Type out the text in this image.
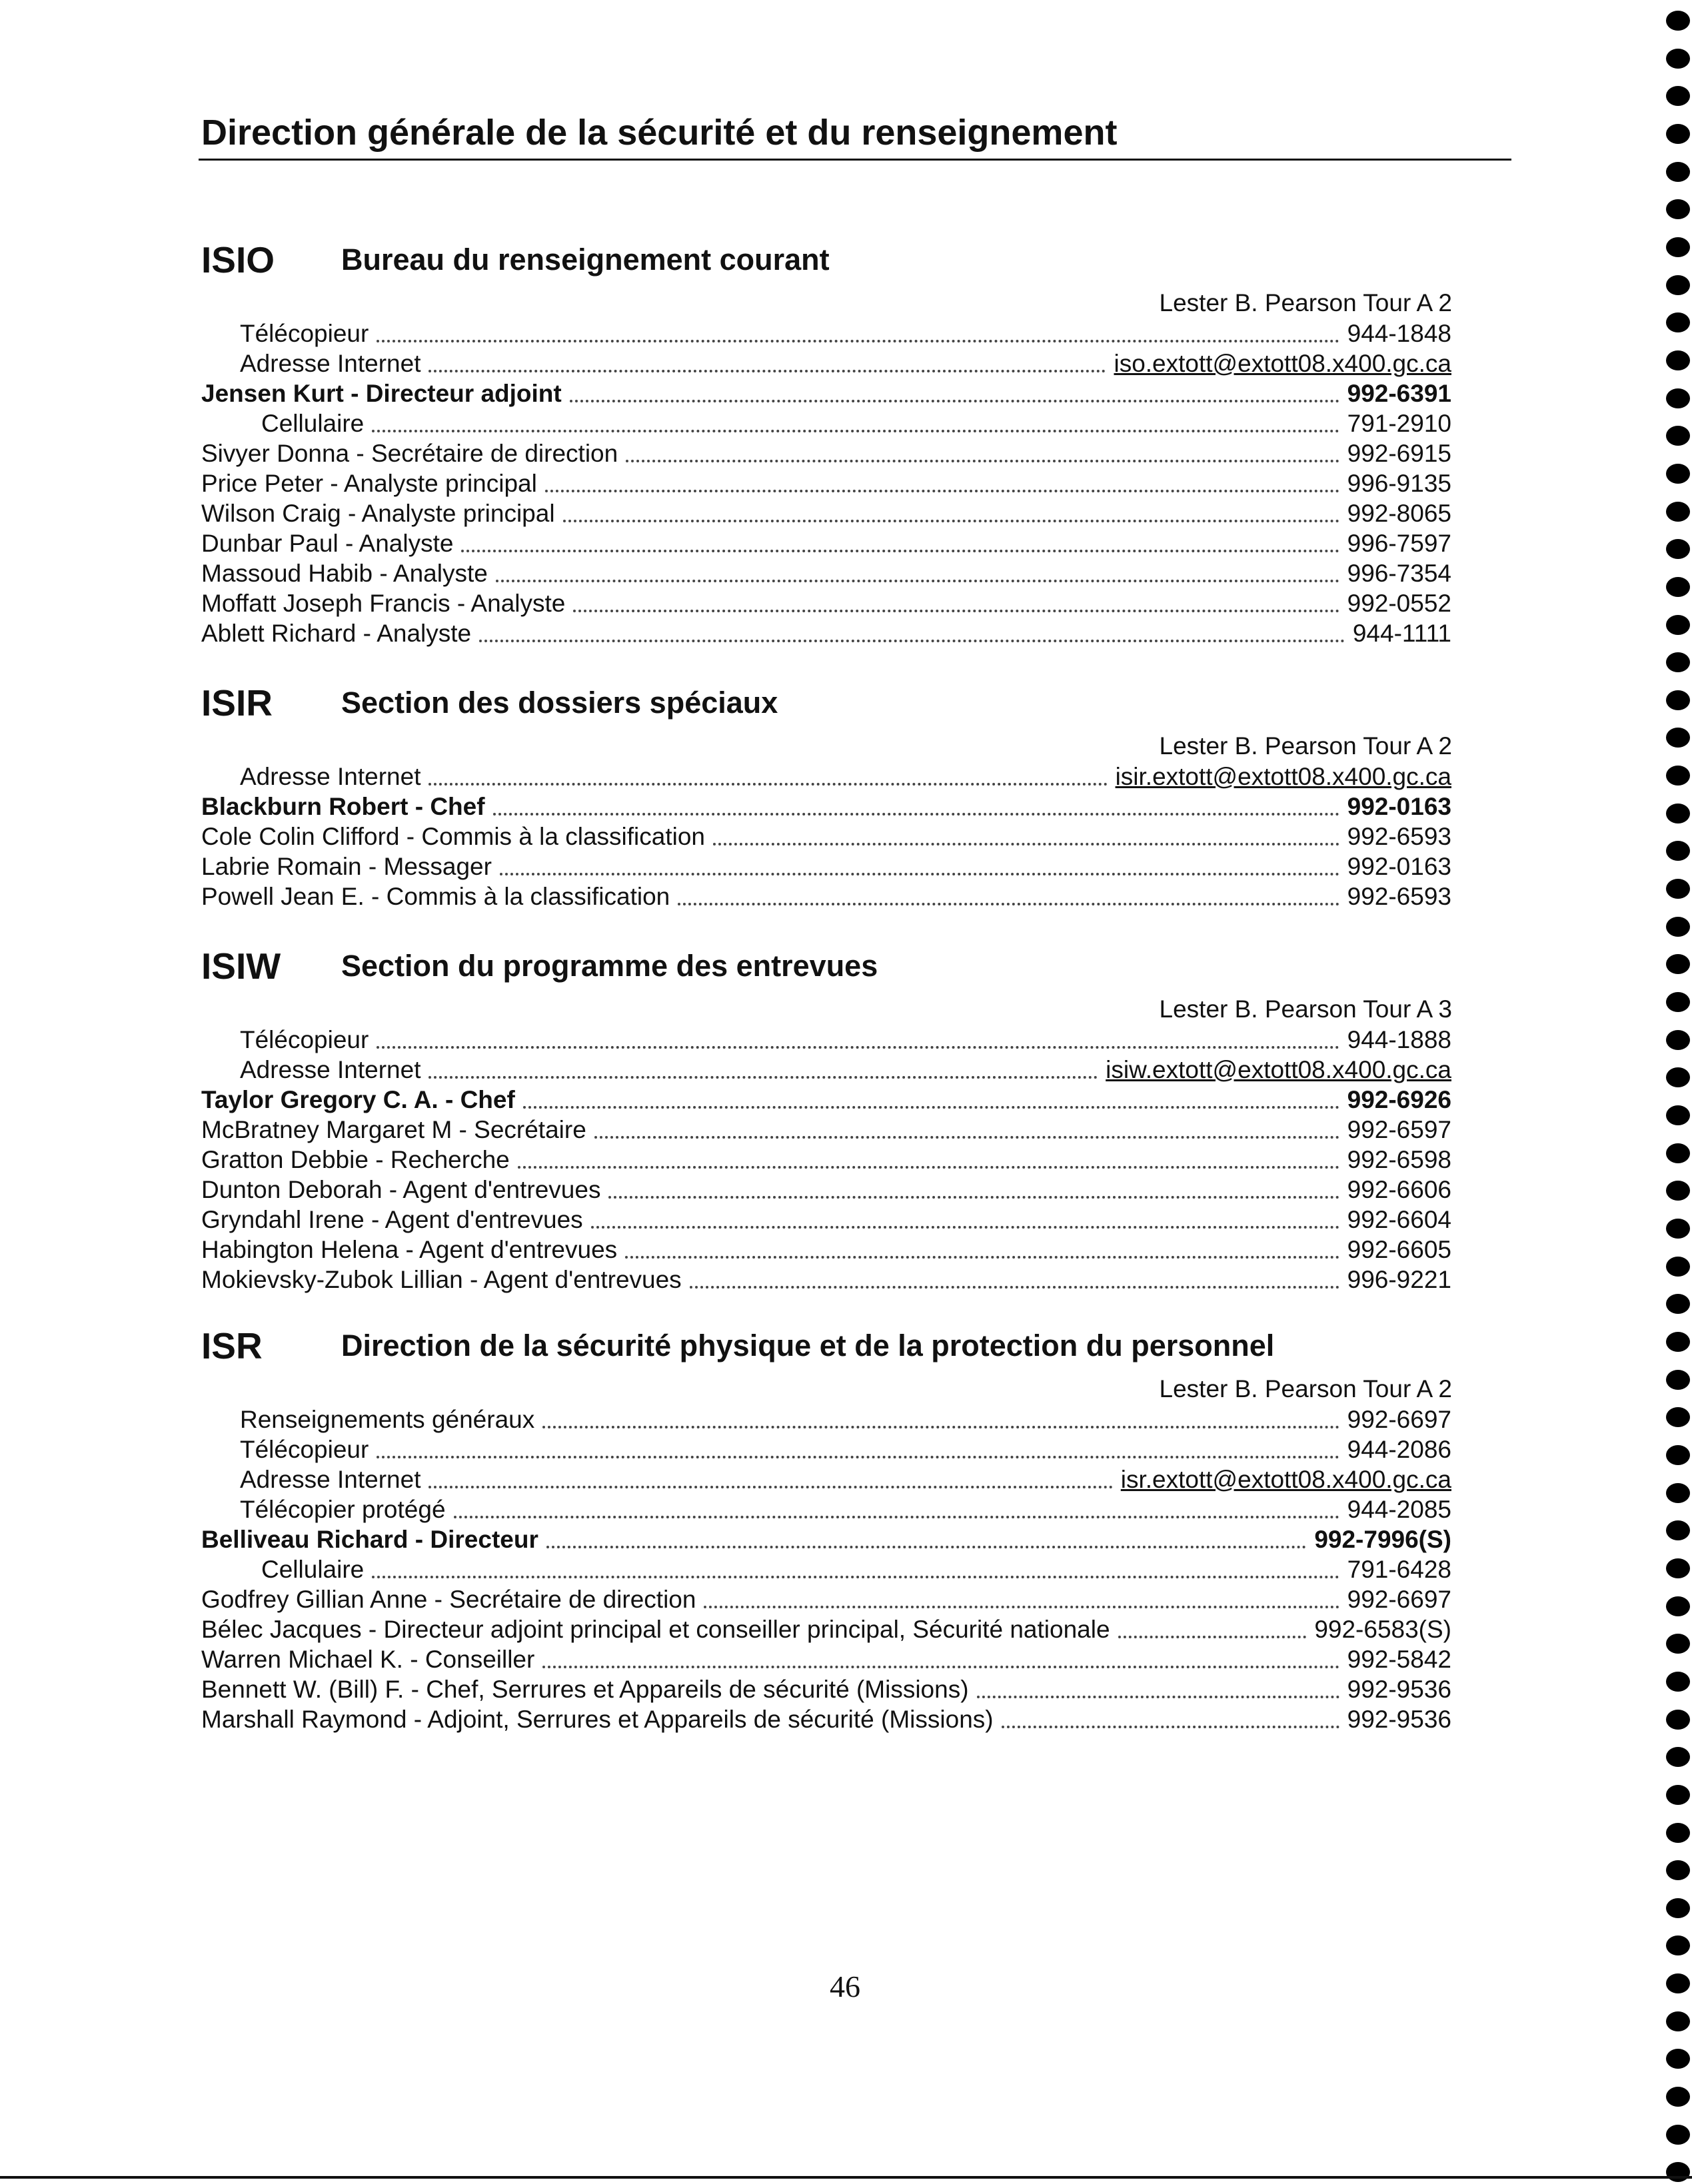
Direction générale de la sécurité et du renseignement
ISIO Bureau du renseignement courant
Lester B. Pearson Tour A 2
Télécopieur	944-1848
Adresse Internet	iso.extott@extott08.x400.gc.ca
Jensen Kurt - Directeur adjoint	992-6391
Cellulaire	791-2910
Sivyer Donna - Secrétaire de direction	992-6915
Price Peter - Analyste principal	996-9135
Wilson Craig - Analyste principal	992-8065
Dunbar Paul - Analyste	996-7597
Massoud Habib - Analyste	996-7354
Moffatt Joseph Francis - Analyste	992-0552
Ablett Richard - Analyste	944-1111
ISIR Section des dossiers spéciaux
Lester B. Pearson Tour A 2
Adresse Internet	isir.extott@extott08.x400.gc.ca
Blackburn Robert - Chef	992-0163
Cole Colin Clifford - Commis à la classification	992-6593
Labrie Romain - Messager	992-0163
Powell Jean E. - Commis à la classification	992-6593
ISIW Section du programme des entrevues
Lester B. Pearson Tour A 3
Télécopieur	944-1888
Adresse Internet	isiw.extott@extott08.x400.gc.ca
Taylor Gregory C. A. - Chef	992-6926
McBratney Margaret M - Secrétaire	992-6597
Gratton Debbie - Recherche	992-6598
Dunton Deborah - Agent d'entrevues	992-6606
Gryndahl Irene - Agent d'entrevues	992-6604
Habington Helena - Agent d'entrevues	992-6605
Mokievsky-Zubok Lillian - Agent d'entrevues	996-9221
ISR	Direction de la sécurité physique et de la protection du personnel
Lester B. Pearson Tour A 2
Renseignements généraux	992-6697
Télécopieur	944-2086
Adresse Internet	isr.extott@extott08.x400.gc.ca
Télécopier protégé	944-2085
Belliveau Richard - Directeur	992-7996(S)
Cellulaire	791-6428
Godfrey Gillian Anne - Secrétaire de direction	992-6697
Bélec Jacques - Directeur adjoint principal et conseiller principal, Sécurité nationale	992-6583(S)
Warren Michael K. - Conseiller	992-5842
Bennett W. (Bill) F. - Chef, Serrures et Appareils de sécurité (Missions)	992-9536
Marshall Raymond - Adjoint, Serrures et Appareils de sécurité (Missions)	992-9536
46
